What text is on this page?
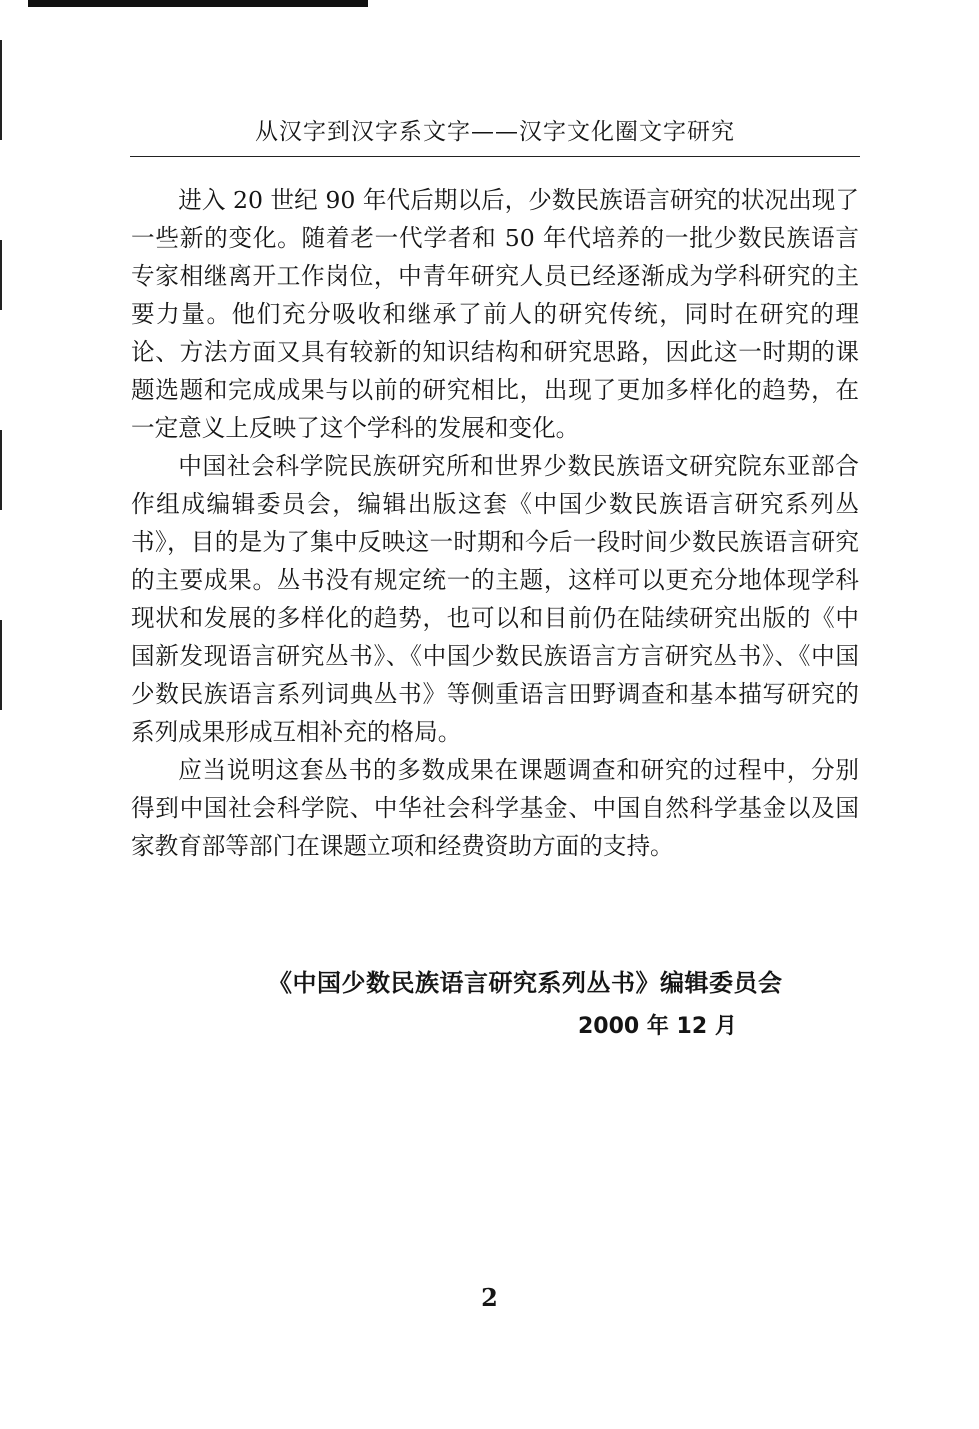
从汉字到汉字系文字——汉字文化圈文字研究

进入 20 世纪 90 年代后期以后，少数民族语言研究的状况出现了一些新的变化。随着老一代学者和 50 年代培养的一批少数民族语言专家相继离开工作岗位，中青年研究人员已经逐渐成为学科研究的主要力量。他们充分吸收和继承了前人的研究传统，同时在研究的理论、方法方面又具有较新的知识结构和研究思路，因此这一时期的课题选题和完成成果与以前的研究相比，出现了更加多样化的趋势，在一定意义上反映了这个学科的发展和变化。

中国社会科学院民族研究所和世界少数民族语文研究院东亚部合作组成编辑委员会，编辑出版这套《中国少数民族语言研究系列丛书》，目的是为了集中反映这一时期和今后一段时间少数民族语言研究的主要成果。丛书没有规定统一的主题，这样可以更充分地体现学科现状和发展的多样化的趋势，也可以和目前仍在陆续研究出版的《中国新发现语言研究丛书》、《中国少数民族语言方言研究丛书》、《中国少数民族语言系列词典丛书》等侧重语言田野调查和基本描写研究的系列成果形成互相补充的格局。

应当说明这套丛书的多数成果在课题调查和研究的过程中，分别得到中国社会科学院、中华社会科学基金、中国自然科学基金以及国家教育部等部门在课题立项和经费资助方面的支持。

《中国少数民族语言研究系列丛书》编辑委员会
2000 年 12 月
2
